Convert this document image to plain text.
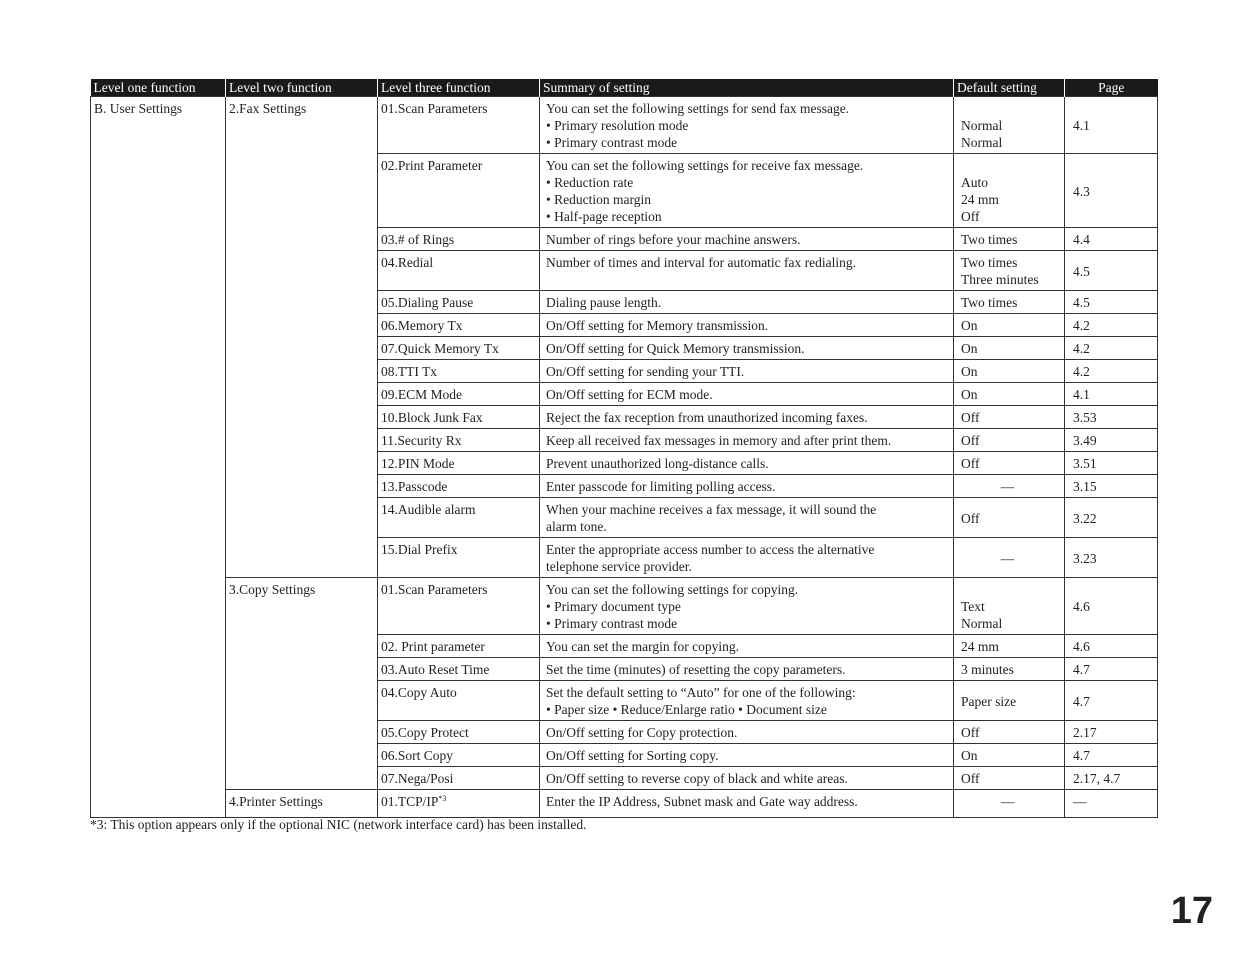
Level one function	Level two function	Level three function	Summary of setting	Default setting	Page
B. User Settings	2.Fax Settings	01.Scan Parameters	You can set the following settings for send fax message.
• Primary resolution mode
• Primary contrast mode	Normal
Normal	4.1
		02.Print Parameter	You can set the following settings for receive fax message.
• Reduction rate
• Reduction margin
• Half-page reception	Auto
24 mm
Off	4.3
		03.# of Rings	Number of rings before your machine answers.	Two times	4.4
		04.Redial	Number of times and interval for automatic fax redialing.	Two times
Three minutes	4.5
		05.Dialing Pause	Dialing pause length.	Two times	4.5
		06.Memory Tx	On/Off setting for Memory transmission.	On	4.2
		07.Quick Memory Tx	On/Off setting for Quick Memory transmission.	On	4.2
		08.TTI Tx	On/Off setting for sending your TTI.	On	4.2
		09.ECM Mode	On/Off setting for ECM mode.	On	4.1
		10.Block Junk Fax	Reject the fax reception from unauthorized incoming faxes.	Off	3.53
		11.Security Rx	Keep all received fax messages in memory and after print them.	Off	3.49
		12.PIN Mode	Prevent unauthorized long-distance calls.	Off	3.51
		13.Passcode	Enter passcode for limiting polling access.	—	3.15
		14.Audible alarm	When your machine receives a fax message, it will sound the
alarm tone.	Off	3.22
		15.Dial Prefix	Enter the appropriate access number to access the alternative
telephone service provider.	—	3.23
	3.Copy Settings	01.Scan Parameters	You can set the following settings for copying.
• Primary document type
• Primary contrast mode	Text
Normal	4.6
		02. Print parameter	You can set the margin for copying.	24 mm	4.6
		03.Auto Reset Time	Set the time (minutes) of resetting the copy parameters.	3 minutes	4.7
		04.Copy Auto	Set the default setting to “Auto” for one of the following:
• Paper size • Reduce/Enlarge ratio • Document size	Paper size	4.7
		05.Copy Protect	On/Off setting for Copy protection.	Off	2.17
		06.Sort Copy	On/Off setting for Sorting copy.	On	4.7
		07.Nega/Posi	On/Off setting to reverse copy of black and white areas.	Off	2.17, 4.7
	4.Printer Settings	01.TCP/IP$^{*3}$	Enter the IP Address, Subnet mask and Gate way address.	—	—
*3: This option appears only if the optional NIC (network interface card) has been installed.
17
